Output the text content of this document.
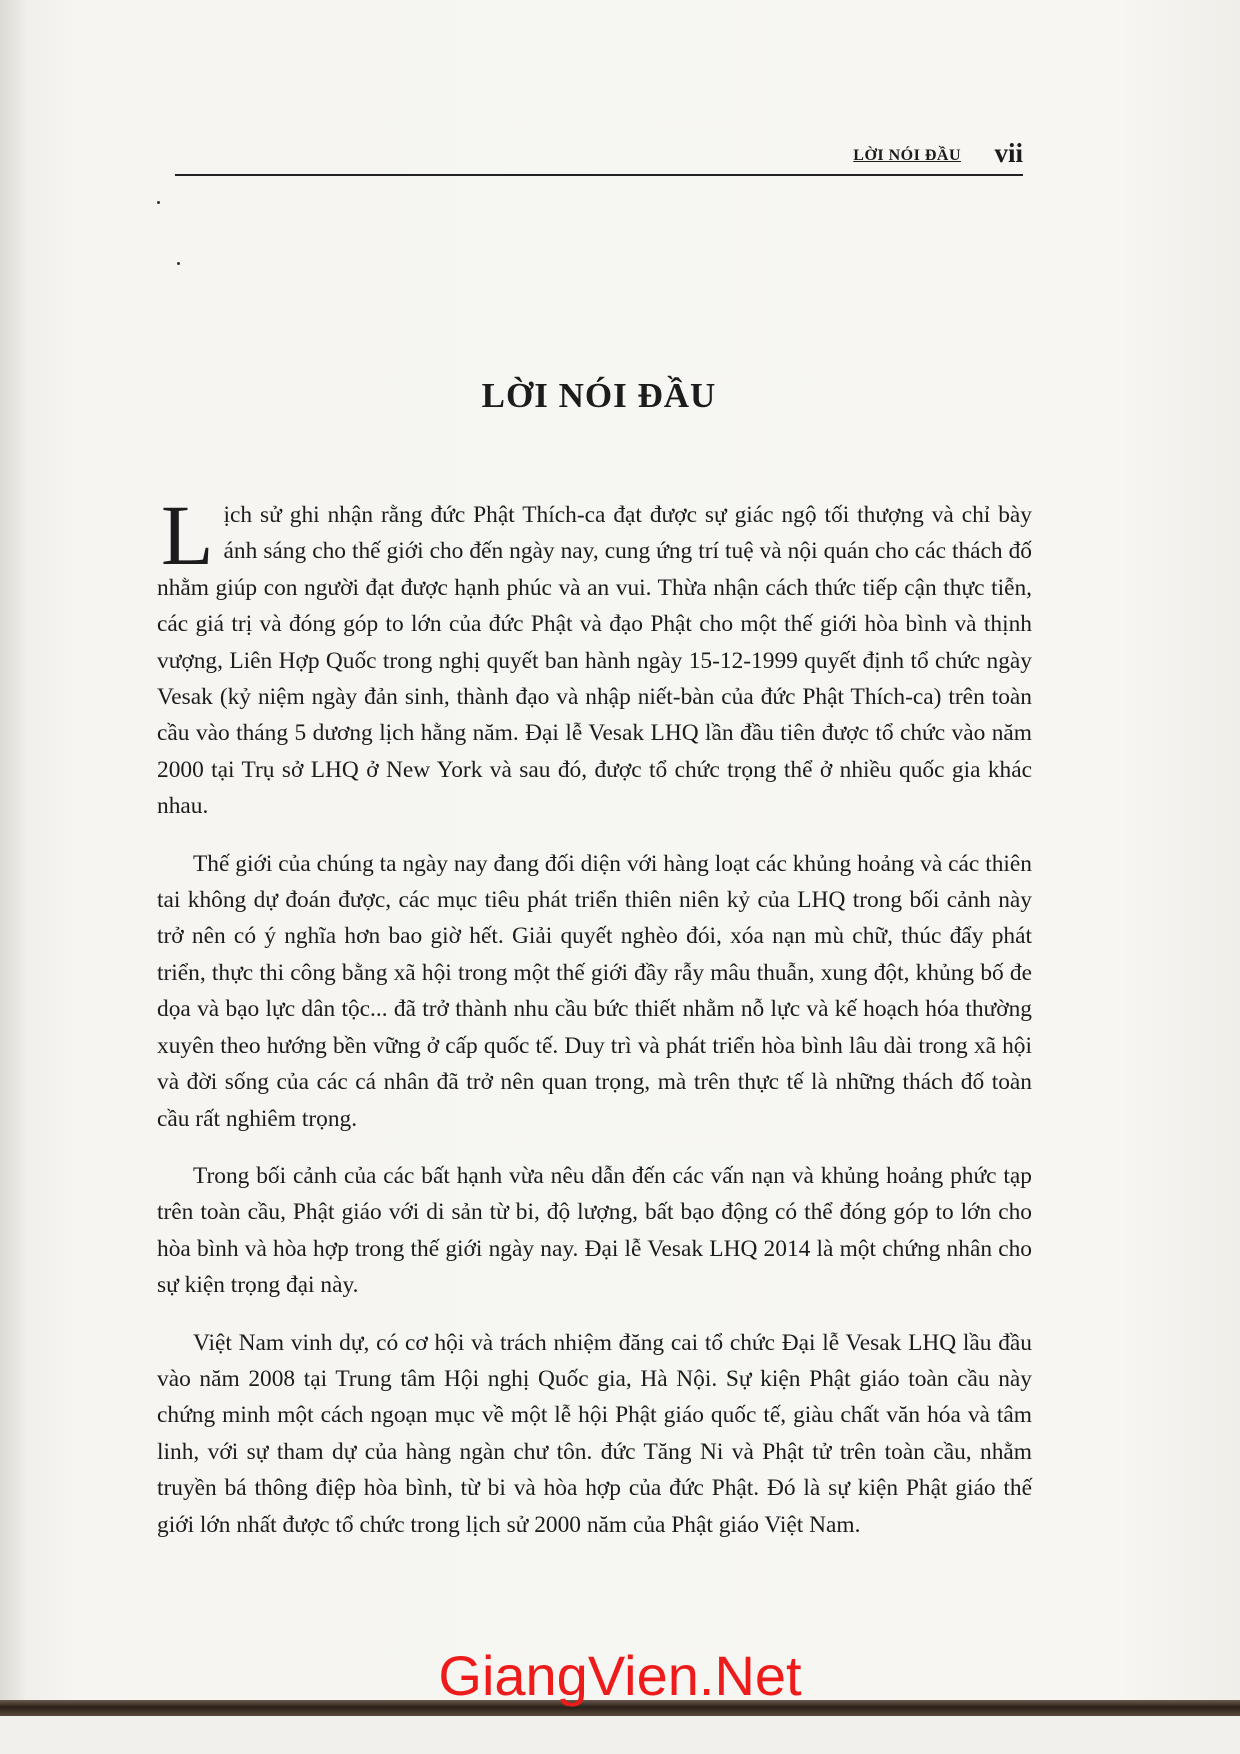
LỜI NÓI ĐẦU vii
LỜI NÓI ĐẦU

Lịch sử ghi nhận rằng đức Phật Thích-ca đạt được sự giác ngộ tối thượng và chỉ bày ánh sáng cho thế giới cho đến ngày nay, cung ứng trí tuệ và nội quán cho các thách đố nhằm giúp con người đạt được hạnh phúc và an vui. Thừa nhận cách thức tiếp cận thực tiễn, các giá trị và đóng góp to lớn của đức Phật và đạo Phật cho một thế giới hòa bình và thịnh vượng, Liên Hợp Quốc trong nghị quyết ban hành ngày 15-12-1999 quyết định tổ chức ngày Vesak (kỷ niệm ngày đản sinh, thành đạo và nhập niết-bàn của đức Phật Thích-ca) trên toàn cầu vào tháng 5 dương lịch hằng năm. Đại lễ Vesak LHQ lần đầu tiên được tổ chức vào năm 2000 tại Trụ sở LHQ ở New York và sau đó, được tổ chức trọng thể ở nhiều quốc gia khác nhau.

Thế giới của chúng ta ngày nay đang đối diện với hàng loạt các khủng hoảng và các thiên tai không dự đoán được, các mục tiêu phát triển thiên niên kỷ của LHQ trong bối cảnh này trở nên có ý nghĩa hơn bao giờ hết. Giải quyết nghèo đói, xóa nạn mù chữ, thúc đẩy phát triển, thực thi công bằng xã hội trong một thế giới đầy rẫy mâu thuẫn, xung đột, khủng bố đe dọa và bạo lực dân tộc... đã trở thành nhu cầu bức thiết nhằm nỗ lực và kế hoạch hóa thường xuyên theo hướng bền vững ở cấp quốc tế. Duy trì và phát triển hòa bình lâu dài trong xã hội và đời sống của các cá nhân đã trở nên quan trọng, mà trên thực tế là những thách đố toàn cầu rất nghiêm trọng.

Trong bối cảnh của các bất hạnh vừa nêu dẫn đến các vấn nạn và khủng hoảng phức tạp trên toàn cầu, Phật giáo với di sản từ bi, độ lượng, bất bạo động có thể đóng góp to lớn cho hòa bình và hòa hợp trong thế giới ngày nay. Đại lễ Vesak LHQ 2014 là một chứng nhân cho sự kiện trọng đại này.

Việt Nam vinh dự, có cơ hội và trách nhiệm đăng cai tổ chức Đại lễ Vesak LHQ lầu đầu vào năm 2008 tại Trung tâm Hội nghị Quốc gia, Hà Nội. Sự kiện Phật giáo toàn cầu này chứng minh một cách ngoạn mục về một lễ hội Phật giáo quốc tế, giàu chất văn hóa và tâm linh, với sự tham dự của hàng ngàn chư tôn. đức Tăng Ni và Phật tử trên toàn cầu, nhằm truyền bá thông điệp hòa bình, từ bi và hòa hợp của đức Phật. Đó là sự kiện Phật giáo thế giới lớn nhất được tổ chức trong lịch sử 2000 năm của Phật giáo Việt Nam.

GiangVien.Net
